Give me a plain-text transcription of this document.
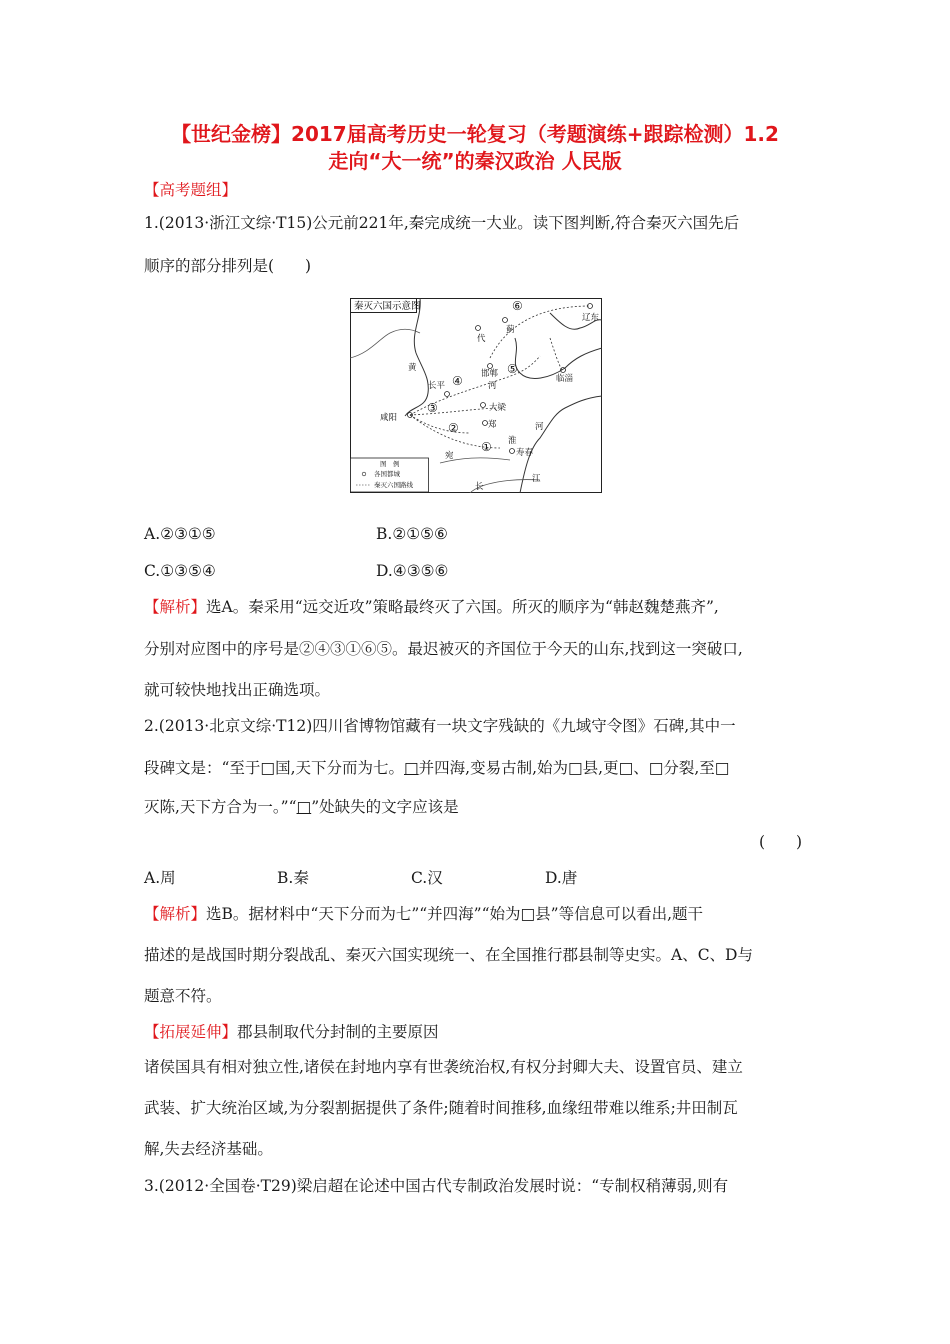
【世纪金榜】2017届高考历史一轮复习（考题演练+跟踪检测）1.2
走向“大一统”的秦汉政治 人民版
【高考题组】
1.(2013·浙江文综·T15)公元前221年,秦完成统一大业。读下图判断,符合秦灭六国先后
顺序的部分排列是(　　)
秦灭六国示意图
辽东
蓟
代
黄
长平
邯郸	临淄
河
咸阳
大梁
郑
淮
河
宛	寿春
长
江
①
②
③
④
⑤
⑥
图　例
各国都城
秦灭六国路线
A.②③①⑤	B.②①⑤⑥
C.①③⑤④	D.④③⑤⑥
【解析】选A。秦采用“远交近攻”策略最终灭了六国。所灭的顺序为“韩赵魏楚燕齐”,
分别对应图中的序号是②④③①⑥⑤。最迟被灭的齐国位于今天的山东,找到这一突破口,
就可较快地找出正确选项。
2.(2013·北京文综·T12)四川省博物馆藏有一块文字残缺的《九域守令图》石碑,其中一
段碑文是：“至于□国,天下分而为七。□并四海,变易古制,始为□县,更□、□分裂,至□
灭陈,天下方合为一。”“□”处缺失的文字应该是
(　　)
A.周	B.秦	C.汉	D.唐
【解析】选B。据材料中“天下分而为七”“并四海”“始为□县”等信息可以看出,题干
描述的是战国时期分裂战乱、秦灭六国实现统一、在全国推行郡县制等史实。A、C、D与
题意不符。
【拓展延伸】郡县制取代分封制的主要原因
诸侯国具有相对独立性,诸侯在封地内享有世袭统治权,有权分封卿大夫、设置官员、建立
武装、扩大统治区域,为分裂割据提供了条件;随着时间推移,血缘纽带难以维系;井田制瓦
解,失去经济基础。
3.(2012·全国卷·T29)梁启超在论述中国古代专制政治发展时说：“专制权稍薄弱,则有
